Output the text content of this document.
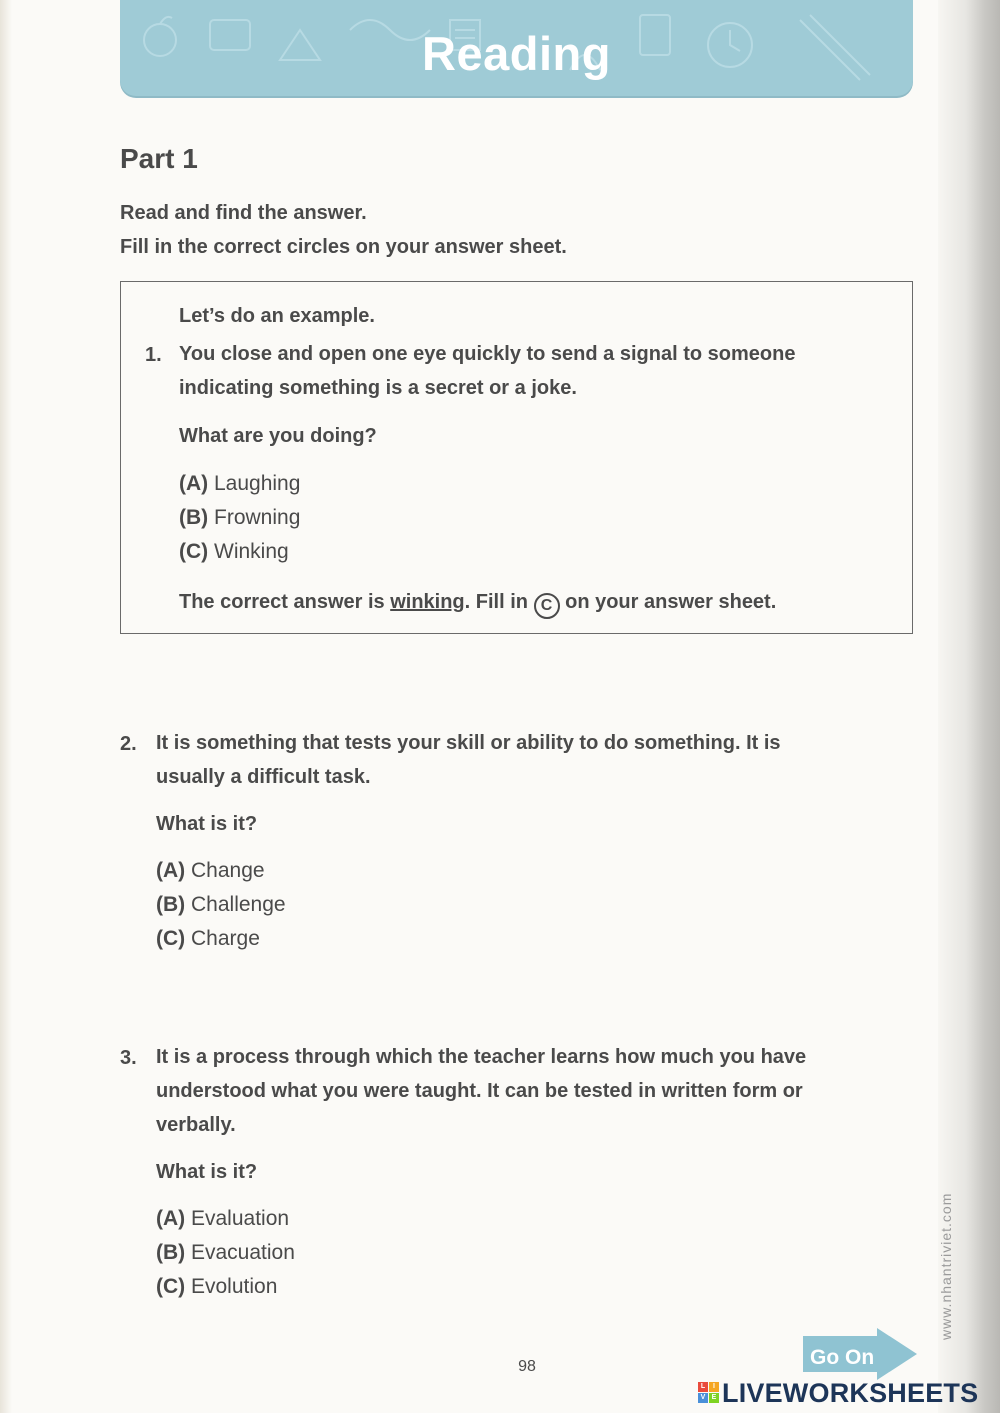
Reading
Part 1
Read and find the answer.
Fill in the correct circles on your answer sheet.
Let’s do an example.
1. You close and open one eye quickly to send a signal to someone
indicating something is a secret or a joke.
What are you doing?
(A) Laughing
(B) Frowning
(C) Winking
The correct answer is winking. Fill in C on your answer sheet.
2. It is something that tests your skill or ability to do something. It is
usually a difficult task.
What is it?
(A) Change
(B) Challenge
(C) Charge
3. It is a process through which the teacher learns how much you have
understood what you were taught. It can be tested in written form or
verbally.
What is it?
(A) Evaluation
(B) Evacuation
(C) Evolution	www.nhantriviet.com
98	Go On
L	I
V E LIVEWORKSHEETS
